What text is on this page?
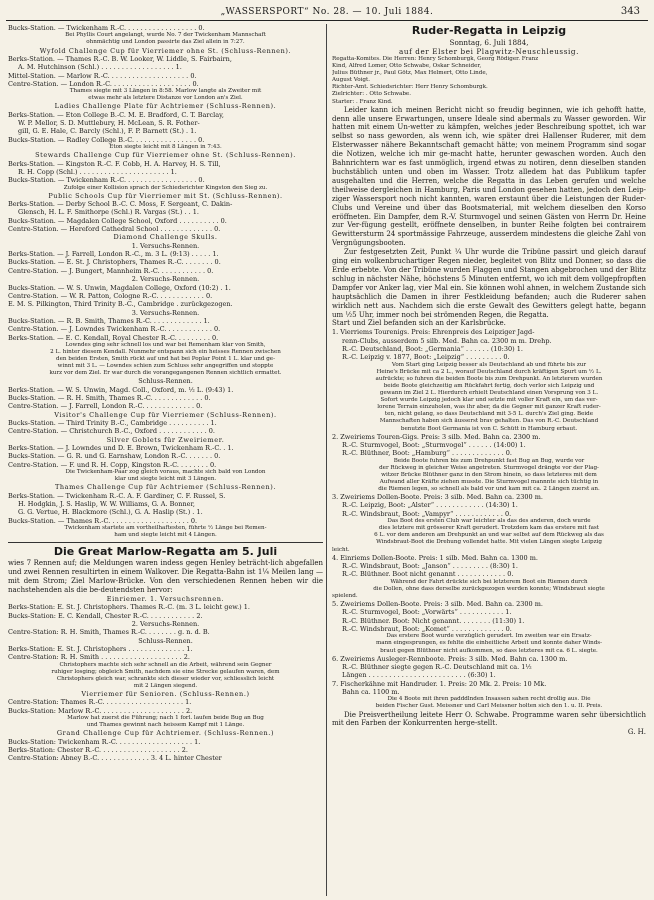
„WASSERSPORT“ No. 28. — 10. Juli 1884.	343
Bucks-Station. — Twickenham R.-C. . . . . . . . . . . . . . . . . . 0.
Bei Phyllis Court angelangt, wurde No. 7 der Twickenham Mannschaft
ohnmächtig und London passirte das Ziel allein in 7:27.
Wyfold Challenge Cup für Vierriemer ohne St. (Schluss-Rennen).
Berks-Station. — Thames R.-C. B. W. Looker, W. Liddle, S. Fairbairn,
A. M. Hutchinson (Schl.) . . . . . . . . . . . . . . . . . . 1.
Mittel-Station. — Marlow R.-C. . . . . . . . . . . . . . . . . . . . 0.
Centre-Station. — London R.-C. . . . . . . . . . . . . . . . . . . . 0.
Thames siegte mit 3 Längen in 8:58. Marlow langte als Zweiter mit
etwas mehr als letztere Distanze vor London an's Ziel.
Ladies Challenge Plate für Achtriemer (Schluss-Rennen).
Berks-Station. — Eton College B.-C. M. E. Bradford, C. T. Barclay,
W. P. Mellor, S. D. Muttlebury, H. McLean, S. R. Fother-
gill, G. E. Hale, C. Barcly (Schl.), F. P. Barnett (St.) . 1.
Bucks-Station. — Radley College B.-C. . . . . . . . . . . . . . . . 0.
Eton siegte leicht mit 8 Längen in 7:43.
Stewards Challenge Cup für Vierriemer ohne St. (Schluss-Rennen).
Berks-Station. — Kingston R.-C. F. Cobb, H. A. Harvey, H. S. Till,
R. H. Copp (Schl.) . . . . . . . . . . . . . . . . . . . . . . 1.
Bucks-Station. — Twickenham R.-C. . . . . . . . . . . . . . . . . . 0.
Zufolge einer Kollision sprach der Schiedsrichter Kingston den Sieg zu.
Public Schools Cup für Vierriemer mit St. (Schluss-Rennen).
Berks-Station. — Derby School B.-C. C. Moss, F. Sergeant, C. Dakin-
Glensch, H. L. F. Smithorpe (Schl.) R. Vargas (St.) . . 1.
Bucks-Station. — Magdalen College School, Oxford . . . . . . . . . . 0.
Centre-Station. — Hereford Cathedral School . . . . . . . . . . . . . 0.
Diamond Challenge Skulls.
1. Versuchs-Rennen.
Berks-Station. — J. Farrell, London R.-C., m. 3 L. (9:13) . . . . . 1.
Bucks-Station. — E. St. J. Christophers, Thames R.-C. . . . . . . . 0.
Centre-Station. — J. Bungert, Mannheim R.-C. . . . . . . . . . . . 0.
2. Versuchs-Rennen.
Bucks-Station. — W. S. Unwin, Magdalen College, Oxford (10:2) . 1.
Centre-Station. — W. R. Patton, Cologne R.-C. . . . . . . . . . . . 0.
E. M. S. Pilkington, Third Trinity B.-C., Cambridge . zurückgezogen.
3. Versuchs-Rennen.
Bucks-Station. — R. B. Smith, Thames R.-C. . . . . . . . . . . . . 1.
Centre-Station. — J. Lowndes Twickenham R.-C. . . . . . . . . . . . 0.
Berks-Station. — E. C. Kendall, Royal Chester R.-C. . . . . . . . . 0.
Lowndes ging sehr schnell los und war bei Remenham klar von Smith,
2 L. hinter diesem Kendall. Nunmehr entspann sich ein heisses Rennen zwischen
den beiden Ersten, Smith rückt auf und hat bei Poplar Point 1 L. klar und ge-
winnt mit 3 L. — Lowndes schien zum Schluss sehr angegriffen und stoppte
kurz vor dem Ziel. Er war durch die vorangegangenen Rennen sichtlich ermattet.
Schluss-Rennen.
Berks-Station. — W. S. Unwin, Magd. Coll., Oxford, m. ½ L. (9:43) 1.
Bucks-Station. — R. H. Smith, Thames R.-C. . . . . . . . . . . . . 0.
Centre-Station. — J. Farrell, London R.-C. . . . . . . . . . . . . 0.
Visitor's Challenge Cup für Vierriemer (Schluss-Rennen).
Bucks-Station. — Third Trinity B.-C., Cambridge . . . . . . . . . . 1.
Centre-Station. — Christchurch B.-C., Oxford . . . . . . . . . . . . 0.
Silver Goblets für Zweiriemer.
Berks-Station. — J. Lowndes und D. E. Brown, Twickenham R.-C. . 1.
Bucks-Station. — G. R. und G. Earnshaw, London R.-C. . . . . . . 0.
Centre-Station. — F. und R. H. Copp, Kingston R.-C. . . . . . . . 0.
Die Twickenham-Paar zog gleich voraus, machte sich bald von London
klar und siegte leicht mit 3 Längen.
Thames Challenge Cup für Achtriemer (Schluss-Rennen).
Berks-Station. — Twickenham R.-C. A. F. Gardiner, C. F. Russel, S.
H. Hodgkin, J. S. Haslip, W. W. Williams, G. A. Bonner,
G. G. Vertue, H. Blackmore (Schl.), G. A. Haslip (St.) . 1.
Bucks-Station. — Thames R.-C. . . . . . . . . . . . . . . . . . . . 0.
Twickenham startete am vortheilhaftesten, führte ½ Länge bei Remen-
ham und siegte leicht mit 4 Längen.
Die Great Marlow-Regatta am 5. Juli
wies 7 Rennen auf; die Meldungen waren indess gegen Henley beträcht-lich abgefallen und zwei Rennen resultirten in einem Walkover. Die Regatta-Bahn ist 1¼ Meilen lang — mit dem Strom; Ziel Marlow-Brücke. Von den verschiedenen Rennen heben wir die nachstehenden als die be-deutendsten hervor:
Einriemer. 1. Versuchsrennen.
Berks-Station: E. St. J. Christophers. Thames R.-C. (m. 3 L. leicht gew.) 1.
Bucks-Station: E. C. Kendall, Chester R.-C. . . . . . . . . . . . 2.
2. Versuchs-Rennen.
Centre-Station: R. H. Smith, Thames R.-C. . . . . . . . g. n. d. B.
Schluss-Rennen.
Berks-Station: E. St. J. Christophers . . . . . . . . . . . . . . 1.
Centre-Station: R. H. Smith . . . . . . . . . . . . . . . . . . . . 2.
Christophers machte sich sehr schnell an die Arbeit, während sein Gegner
ruhiger losging; obgleich Smith, nachdem sie eine Strecke gelaufen waren, dem
Christophers gleich war, schrankte sich dieser wieder vor, schliesslich leicht
mit 2 Längen siegend.
Vierriemer für Senioren. (Schluss-Rennen.)
Centre-Station: Thames R.-C. . . . . . . . . . . . . . . . . . . . 1.
Bucks-Station: Marlow R.-C. . . . . . . . . . . . . . . . . . . . . 2.
Marlow hat zuerst die Führung; nach 1 forl. laufen beide Bug an Bug
und Thames gewinnt nach heissem Kampf mit 1 Länge.
Grand Challenge Cup für Achtriemer. (Schluss-Rennen.)
Bucks-Station: Twickenham R.-C. . . . . . . . . . . . . . . . . . . 1.
Berks-Station: Chester R.-C. . . . . . . . . . . . . . . . . . . . 2.
Centre-Station: Abney B.-C. . . . . . . . . . . . . 3. 4 L. hinter Chester
Ruder-Regatta in Leipzig
Sonntag, 6. Juli 1884,
auf der Elster bei Plagwitz-Neuschleussig.
Regatta-Komites. Die Herren: Henry Schomburgk, Georg Rödiger. Franz
Kind, Alfred Lomer, Otto Schwabe, Oskar Schneider,
Julius Büthner jr., Paul Götz, Max Helmert, Otto Linde,
August Voigt.
Richter-Amt. Schiedsrichter: Herr Henry Schomburgk.
Zielrichter: . Otto Schwabe.
Starter: . Franz Kind.
Leider kann ich meinen Bericht nicht so freudig beginnen, wie ich gehofft hatte, denn alle unsere Erwartungen, unsere Ideale sind abermals zu Wasser geworden. Wir hatten mit einem Un-wetter zu kämpfen, welches jeder Beschreibung spottet, ich war selbst so nass geworden, als wenn ich, wie später drei Hallenser Ruderer, mit dem Elsterwasser nähere Bekanntschaft gemacht hätte; von meinem Programm sind sogar die Notizen, welche ich mir ge-macht hatte, herunter gewaschen worden. Auch den Bahnrichtern war es fast unmöglich, irgend etwas zu notiren, denn dieselben standen buchstäblich unten und oben im Wasser. Trotz alledem hat das Publikum tapfer ausgehalten und die Herren, welche die Regatta in das Leben gerufen und welche theilweise dergleichen in Hamburg, Paris und London gesehen hatten, jedoch den Leip-ziger Wassersport noch nicht kannten, waren erstaunt über die Leistungen der Ruder-Clubs und Vereine und über das Bootsmaterial, mit welchem dieselben den Korso eröffneten. Ein Dampfer, dem R.-V. Sturmvogel und seinen Gästen von Herrn Dr. Heine zur Ver-fügung gestellt, eröffnete denselben, in bunter Reihe folgten bei contrairem Gewittersturm 24 sportmässige Fahrzeuge, ausserdem mindestens die gleiche Zahl von Vergnügungsbooten.
Zur festgesetzten Zeit, Punkt ¼ Uhr wurde die Tribüne passirt und gleich darauf ging ein wolkenbruchartiger Regen nieder, begleitet von Blitz und Donner, so dass die Erde erbebte. Von der Tribüne wurden Flaggen und Stangen abgebrochen und der Blitz schlug in nächster Nähe, höchstens 5 Minuten entfernt, wo ich mit dem vollgepfropften Dampfer vor Anker lag, vier Mal ein. Sie können wohl ahnen, in welchem Zustande sich hauptsächlich die Damen in ihrer Festkleidung befanden; auch die Ruderer sahen wirklich nett aus. Nachdem sich die erste Gewalt des Gewitters gelegt hatte, begann um ½5 Uhr, immer noch bei strömenden Regen, die Regatta.
Start und Ziel befanden sich an der Karlsbrücke.
1. Vierriems Tourenigs. Preis: Ehrenpreis des Leipziger Jagd-
renn-Clubs, ausserdem 5 silb. Med. Bahn ca. 2300 m m. Drehp.
R.-C. Deutschland, Boot: „Germania“ . . . . . . (10:30) 1.
R.-C. Leipzig v. 1877, Boot: „Leipzig“ . . . . . . . . . 0.
Vom Start ging Leipzig besser als Deutschland ab und führte bis zur
Heine's Brücke mit ca 2 L., worauf Deutschland durch kräftigen Spurt um ½ L.
aufrückte; so fuhren die beiden Boote bis zum Drehpunkt. An letzterem wurden
beide Boote gleichzeitig am Rückfahrt fertig, doch verlor sich Leipzig und
gewann im Ziel 2 L. Hierdurch erhielt Deutschland einen Vorsprung von 3 L.
Sofort wurde Leipzig jedoch klar und setzte mit voller Kraft ein, um das ver-
lorene Terrain einzuholen, was ihr aber, da die Gegner mit ganzer Kraft ruder-
ten, nicht gelang, so dass Deutschland mit 3-5 L. durch's Ziel ging. Beide
Mannschaften haben sich äusserst brav gehalten. Das von R.-C. Deutschland
benutzte Boot Germania ist von C. Schütt in Hamburg erbaut.
2. Zweiriems Touren-Gigs. Preis: 3 silb. Med. Bahn ca. 2300 m.
R.-C. Sturmvogel, Boot: „Sturmvogel“ . . . . . . (14:00) 1.
R.-C. Blüthner, Boot: „Hamburg“ . . . . . . . . . . . . . 0.
Beide Boote fuhren bis zum Drehpunkt fast Bug an Bug, wurde vor
der Rückweg in gleicher Weise angetreten. Sturmvogel drängte vor der Plag-
witzer Brücke Blüthner ganz in den Strom hinein, so dass letzteres mit dem
Aufwand aller Kräfte ziehen musste. Die Sturmvogel mannnte sich tüchtig in
die Riemen legen, so schnell als bald vor und kam mit ca. 2 Längen zuerst an.
3. Zweiriems Dollen-Boote. Preis: 3 silb. Med. Bahn ca. 2300 m.
R.-C. Leipzig, Boot: „Alster“ . . . . . . . . . . . . (14:30) 1.
R.-C. Windsbraut, Boot: „Vampyr“ . . . . . . . . . . . . 0.
Das Boot des ersten Club war leichter als das des anderen, doch wurde
dies letztere mit grösserer Kraft gerudert. Trotzdem kam das erstere mit fast
6 L. vor dem anderen am Drehpunkt an und war selbst auf dem Rückweg als das
Windsbraut-Boot die Drehung vollendet hatte. Mit vielen Längen siegte Leipzig
leicht.
4. Einriems Dollen-Boote. Preis: 1 silb. Med. Bahn ca. 1300 m.
R.-C. Windsbraut, Boot: „Janson“ . . . . . . . . . (8:30) 1.
R.-C. Blüthner. Boot nicht genannt . . . . . . . . . . . . 0.
Während der Fahrt drückte sich bei letzterem Boot ein Riemen durch
die Dollen, ohne dass derselbe zurückgezogen werden konnte; Windsbraut siegte
spielend.
5. Zweiriems Dollen-Boote. Preis: 3 silb. Med. Bahn ca. 2300 m.
R.-C. Sturmvogel, Boot: „Vorwärts“ . . . . . . . . . . . 1.
R.-C. Blüthner. Boot: Nicht genannt. . . . . . . . (11:30) 1.
R.-C. Windsbraut, Boot: „Komet“ . . . . . . . . . . . . . 0.
Das erstere Boot wurde verzüglich gerudert. Im zweiten war ein Ersatz-
mann eingesprungen, es fehlte die einheitliche Arbeit und konnte daher Winds-
braut gegen Blüthner nicht aufkommen, so dass letzteres mit ca. 6 L. siegte.
6. Zweiriems Ausleger-Rennboote. Preis: 3 silb. Med. Bahn ca. 1300 m.
R.-C. Blüthner siegte gegen R.-C. Deutschland mit ca. 1½
Längen . . . . . . . . . . . . . . . . . . . . . . . . (6:30) 1.
7. Fischerkähne mit Handruder. 1. Preis: 20 Mk. 2. Preis: 10 Mk.
Bahn ca. 1100 m.
Die 4 Boote mit ihren padddlnden Insassen sahen recht drollig aus. Die
beiden Fischer Gust. Meissner und Carl Meissner holten sich den 1. u. II. Preis.
Die Preisvertheilung leitete Herr O. Schwabe. Programme waren sehr übersichtlich mit den Farben der Konkurrenten herge-stellt.
G. H.
